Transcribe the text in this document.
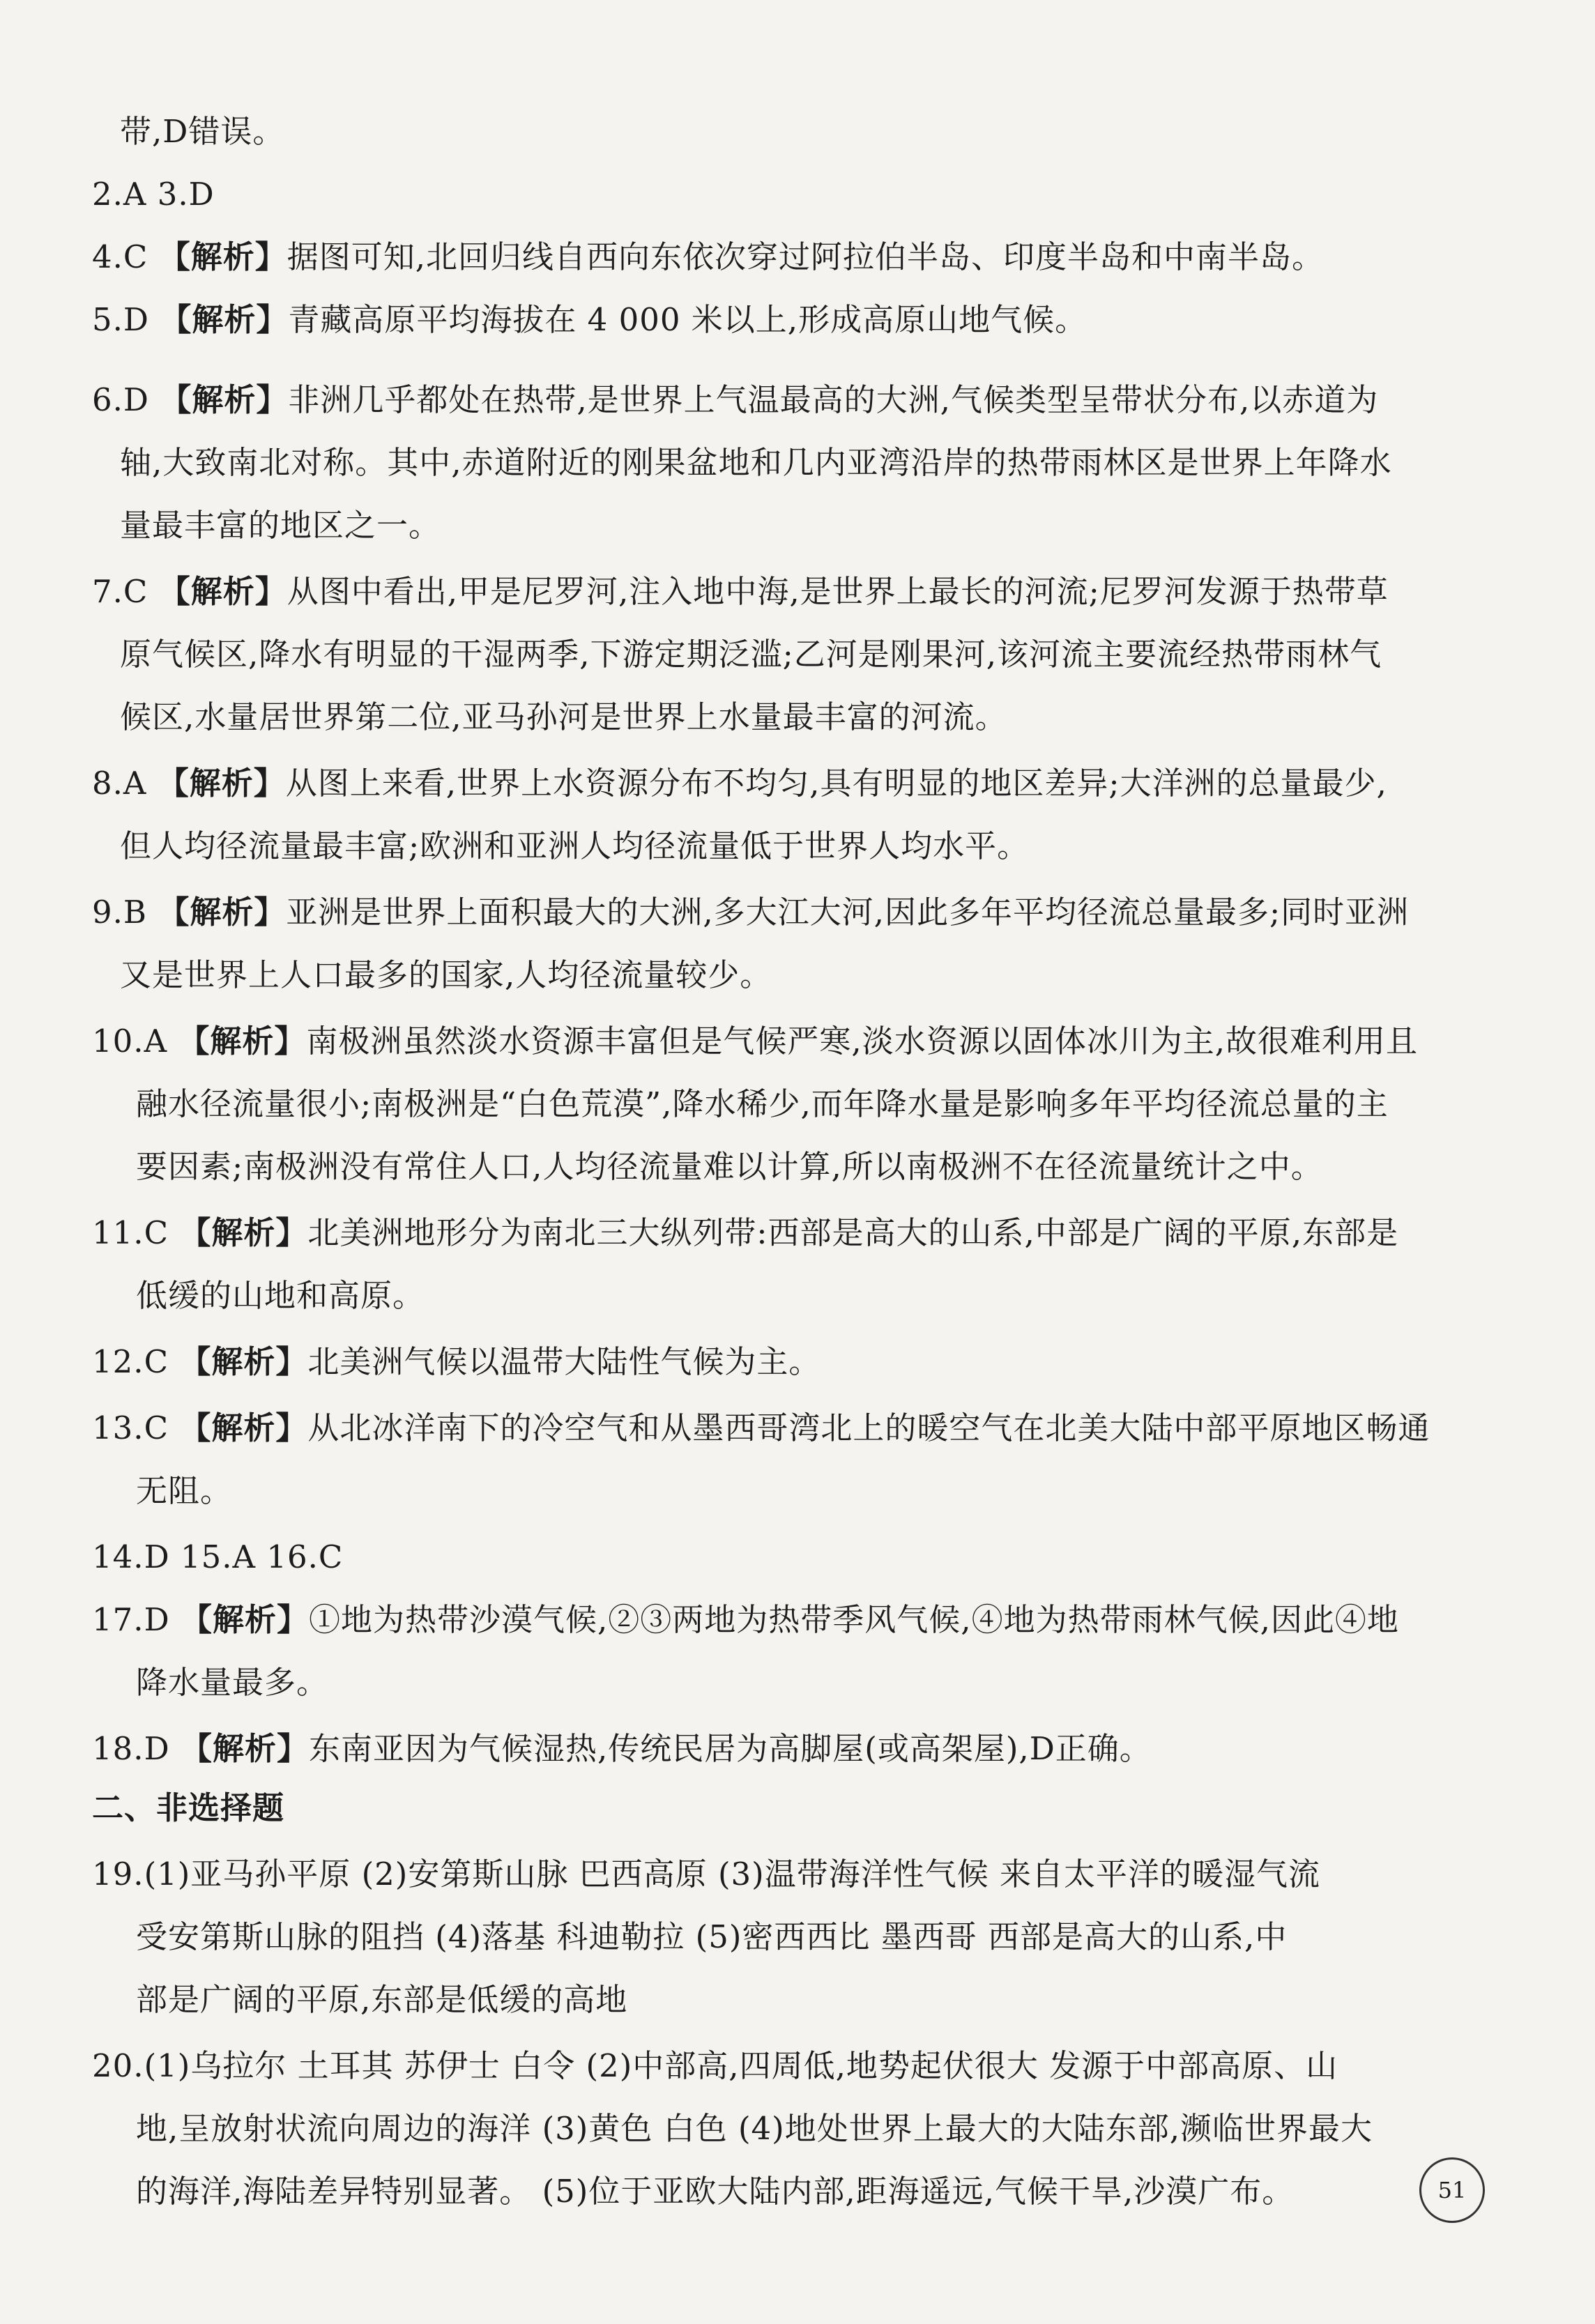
带,D错误。
2.A 3.D
4.C 【解析】据图可知,北回归线自西向东依次穿过阿拉伯半岛、印度半岛和中南半岛。
5.D 【解析】青藏高原平均海拔在 4 000 米以上,形成高原山地气候。
6.D 【解析】非洲几乎都处在热带,是世界上气温最高的大洲,气候类型呈带状分布,以赤道为
轴,大致南北对称。其中,赤道附近的刚果盆地和几内亚湾沿岸的热带雨林区是世界上年降水
量最丰富的地区之一。
7.C 【解析】从图中看出,甲是尼罗河,注入地中海,是世界上最长的河流;尼罗河发源于热带草
原气候区,降水有明显的干湿两季,下游定期泛滥;乙河是刚果河,该河流主要流经热带雨林气
候区,水量居世界第二位,亚马孙河是世界上水量最丰富的河流。
8.A 【解析】从图上来看,世界上水资源分布不均匀,具有明显的地区差异;大洋洲的总量最少,
但人均径流量最丰富;欧洲和亚洲人均径流量低于世界人均水平。
9.B 【解析】亚洲是世界上面积最大的大洲,多大江大河,因此多年平均径流总量最多;同时亚洲
又是世界上人口最多的国家,人均径流量较少。
10.A 【解析】南极洲虽然淡水资源丰富但是气候严寒,淡水资源以固体冰川为主,故很难利用且
融水径流量很小;南极洲是“白色荒漠”,降水稀少,而年降水量是影响多年平均径流总量的主
要因素;南极洲没有常住人口,人均径流量难以计算,所以南极洲不在径流量统计之中。
11.C 【解析】北美洲地形分为南北三大纵列带:西部是高大的山系,中部是广阔的平原,东部是
低缓的山地和高原。
12.C 【解析】北美洲气候以温带大陆性气候为主。
13.C 【解析】从北冰洋南下的冷空气和从墨西哥湾北上的暖空气在北美大陆中部平原地区畅通
无阻。
14.D 15.A 16.C
17.D 【解析】①地为热带沙漠气候,②③两地为热带季风气候,④地为热带雨林气候,因此④地
降水量最多。
18.D 【解析】东南亚因为气候湿热,传统民居为高脚屋(或高架屋),D正确。
二、非选择题
19.(1)亚马孙平原 (2)安第斯山脉 巴西高原 (3)温带海洋性气候 来自太平洋的暖湿气流
受安第斯山脉的阻挡 (4)落基 科迪勒拉 (5)密西西比 墨西哥 西部是高大的山系,中
部是广阔的平原,东部是低缓的高地
20.(1)乌拉尔 土耳其 苏伊士 白令 (2)中部高,四周低,地势起伏很大 发源于中部高原、山
地,呈放射状流向周边的海洋 (3)黄色 白色 (4)地处世界上最大的大陆东部,濒临世界最大
的海洋,海陆差异特别显著。 (5)位于亚欧大陆内部,距海遥远,气候干旱,沙漠广布。	51
